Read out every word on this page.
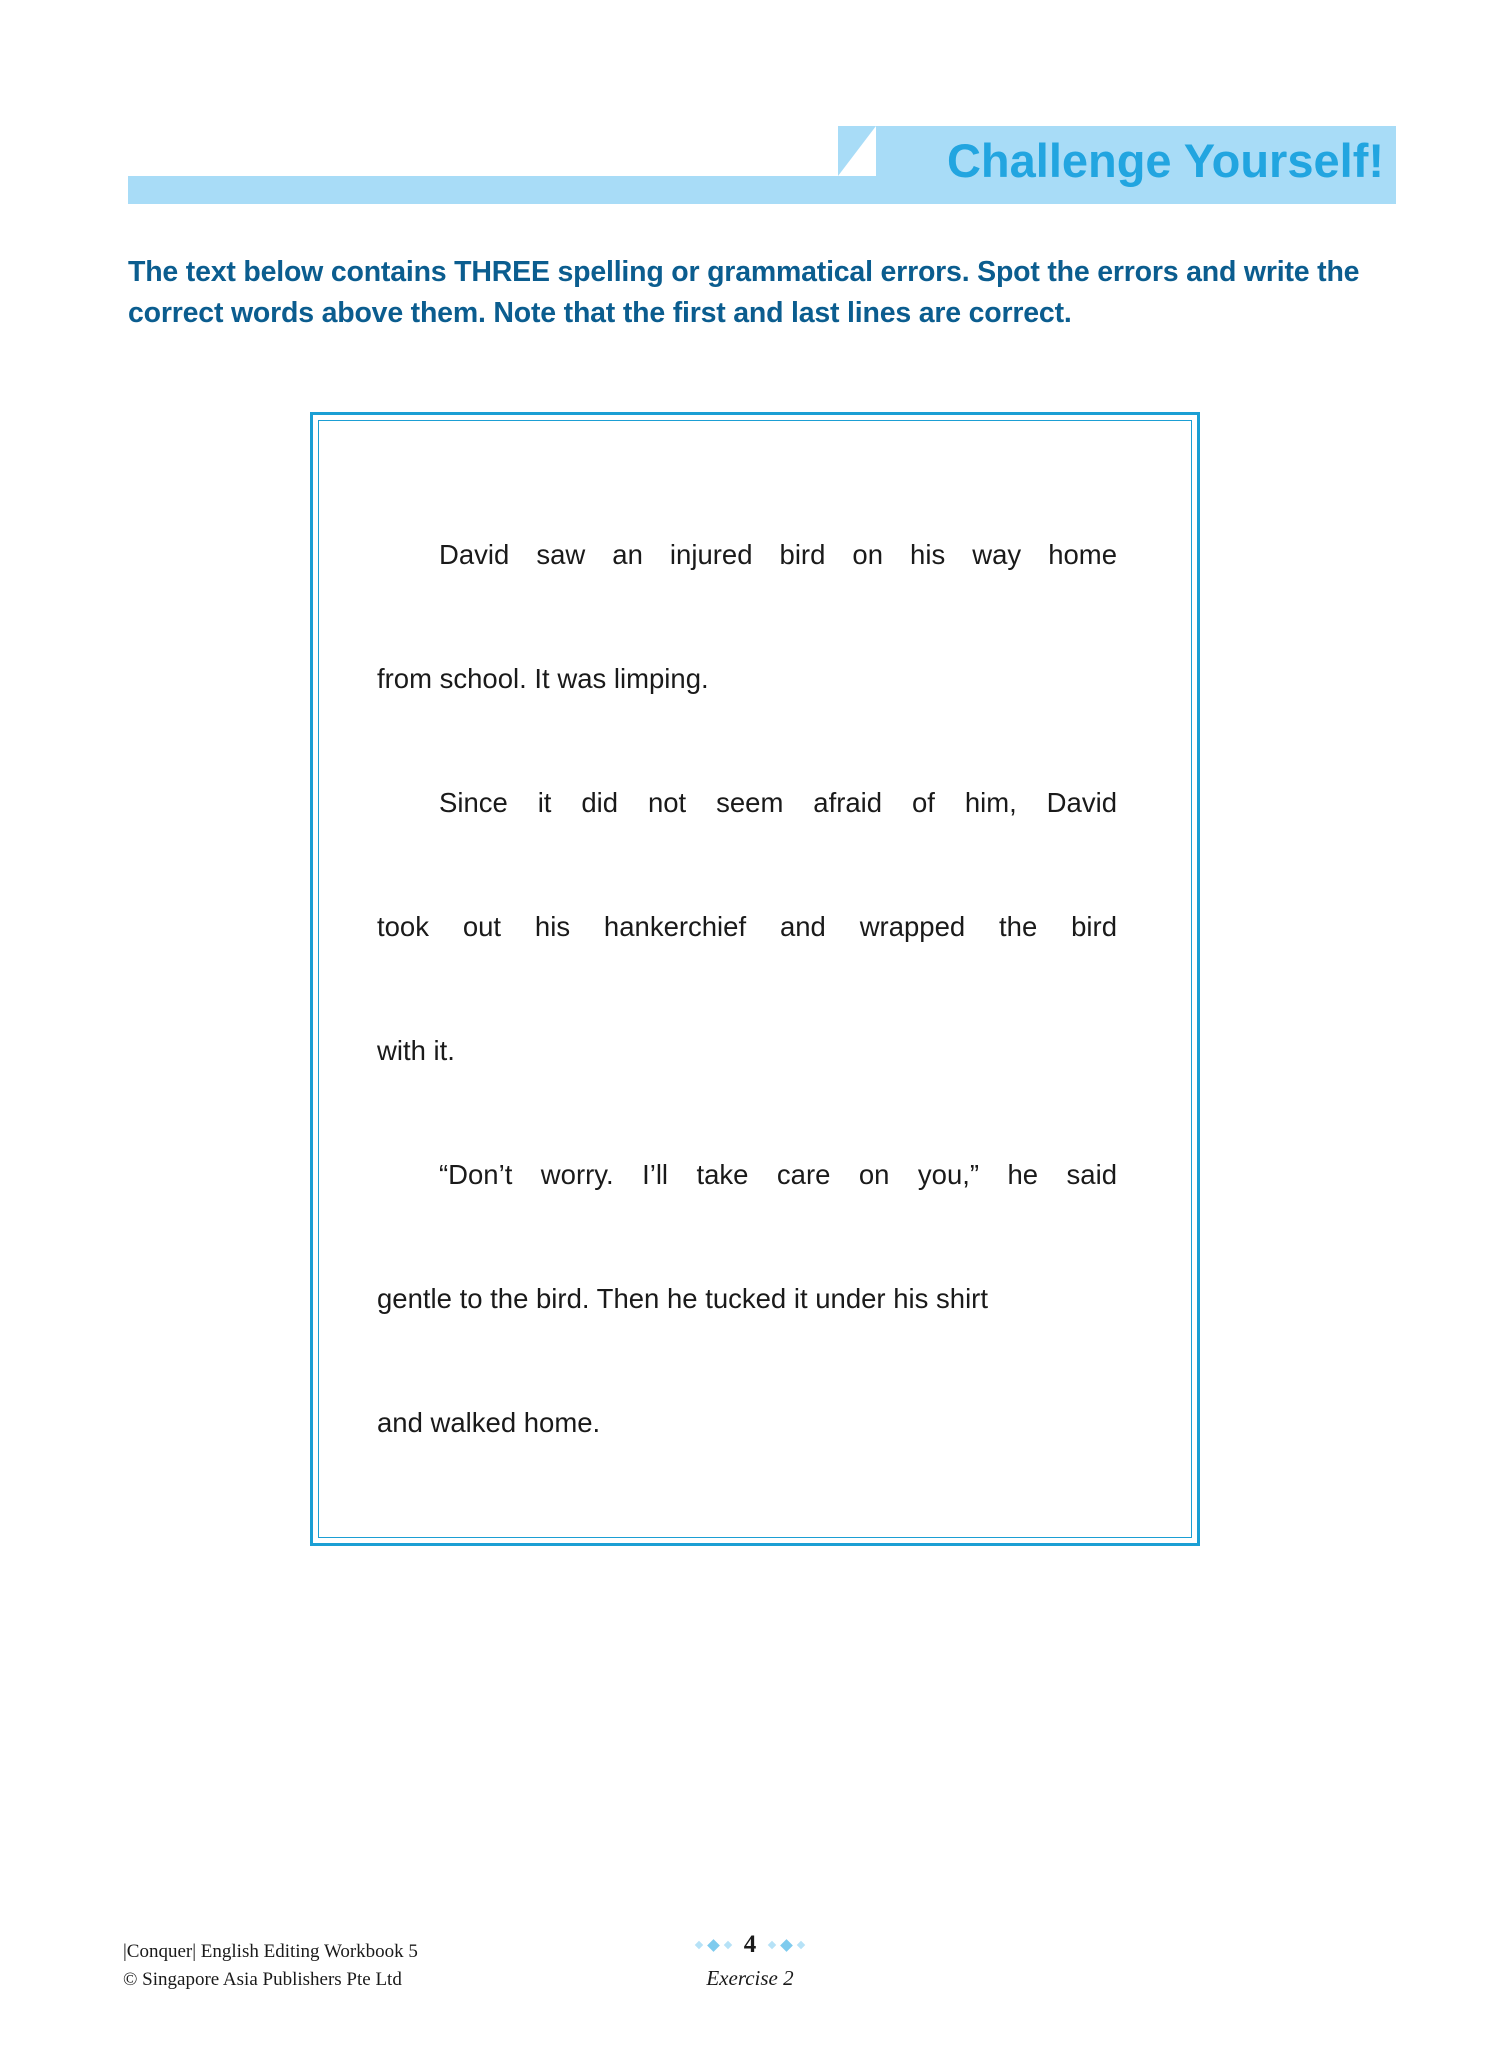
Challenge Yourself!
The text below contains THREE spelling or grammatical errors. Spot the errors and write the correct words above them. Note that the first and last lines are correct.
David saw an injured bird on his way home
from school. It was limping.
Since it did not seem afraid of him, David
took out his hankerchief and wrapped the bird
with it.
“Don’t worry. I’ll take care on you,” he said
gentle to the bird. Then he tucked it under his shirt
and walked home.
|Conquer| English Editing Workbook 5
© Singapore Asia Publishers Pte Ltd
4
Exercise 2
